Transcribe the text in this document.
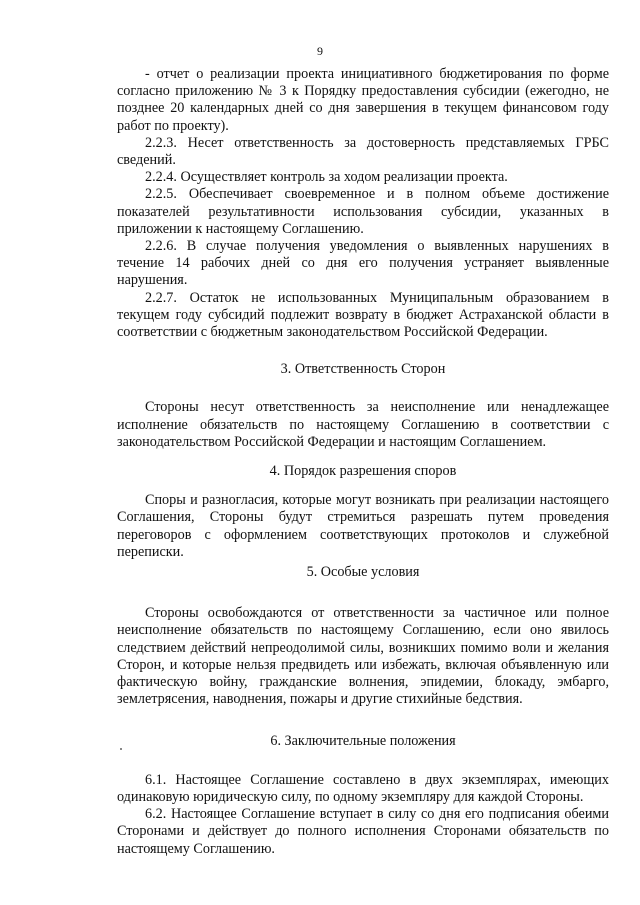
9

- отчет о реализации проекта инициативного бюджетирования по форме согласно приложению № 3 к Порядку предоставления субсидии (ежегодно, не позднее 20 календарных дней со дня завершения в текущем финансовом году работ по проекту).

2.2.3. Несет ответственность за достоверность представляемых ГРБС сведений.

2.2.4. Осуществляет контроль за ходом реализации проекта.

2.2.5. Обеспечивает своевременное и в полном объеме достижение показателей результативности использования субсидии, указанных в приложении к настоящему Соглашению.

2.2.6. В случае получения уведомления о выявленных нарушениях в течение 14 рабочих дней со дня его получения устраняет выявленные нарушения.

2.2.7. Остаток не использованных Муниципальным образованием в текущем году субсидий подлежит возврату в бюджет Астраханской области в соответствии с бюджетным законодательством Российской Федерации.

3. Ответственность Сторон

Стороны несут ответственность за неисполнение или ненадлежащее исполнение обязательств по настоящему Соглашению в соответствии с законодательством Российской Федерации и настоящим Соглашением.

4. Порядок разрешения споров

Споры и разногласия, которые могут возникать при реализации настоящего Соглашения, Стороны будут стремиться разрешать путем проведения переговоров с оформлением соответствующих протоколов и служебной переписки.

5. Особые условия

Стороны освобождаются от ответственности за частичное или полное неисполнение обязательств по настоящему Соглашению, если оно явилось следствием действий непреодолимой силы, возникших помимо воли и желания Сторон, и которые нельзя предвидеть или избежать, включая объявленную или фактическую войну, гражданские волнения, эпидемии, блокаду, эмбарго, землетрясения, наводнения, пожары и другие стихийные бедствия.

6. Заключительные положения

6.1. Настоящее Соглашение составлено в двух экземплярах, имеющих одинаковую юридическую силу, по одному экземпляру для каждой Стороны.

6.2. Настоящее Соглашение вступает в силу со дня его подписания обеими Сторонами и действует до полного исполнения Сторонами обязательств по настоящему Соглашению.
